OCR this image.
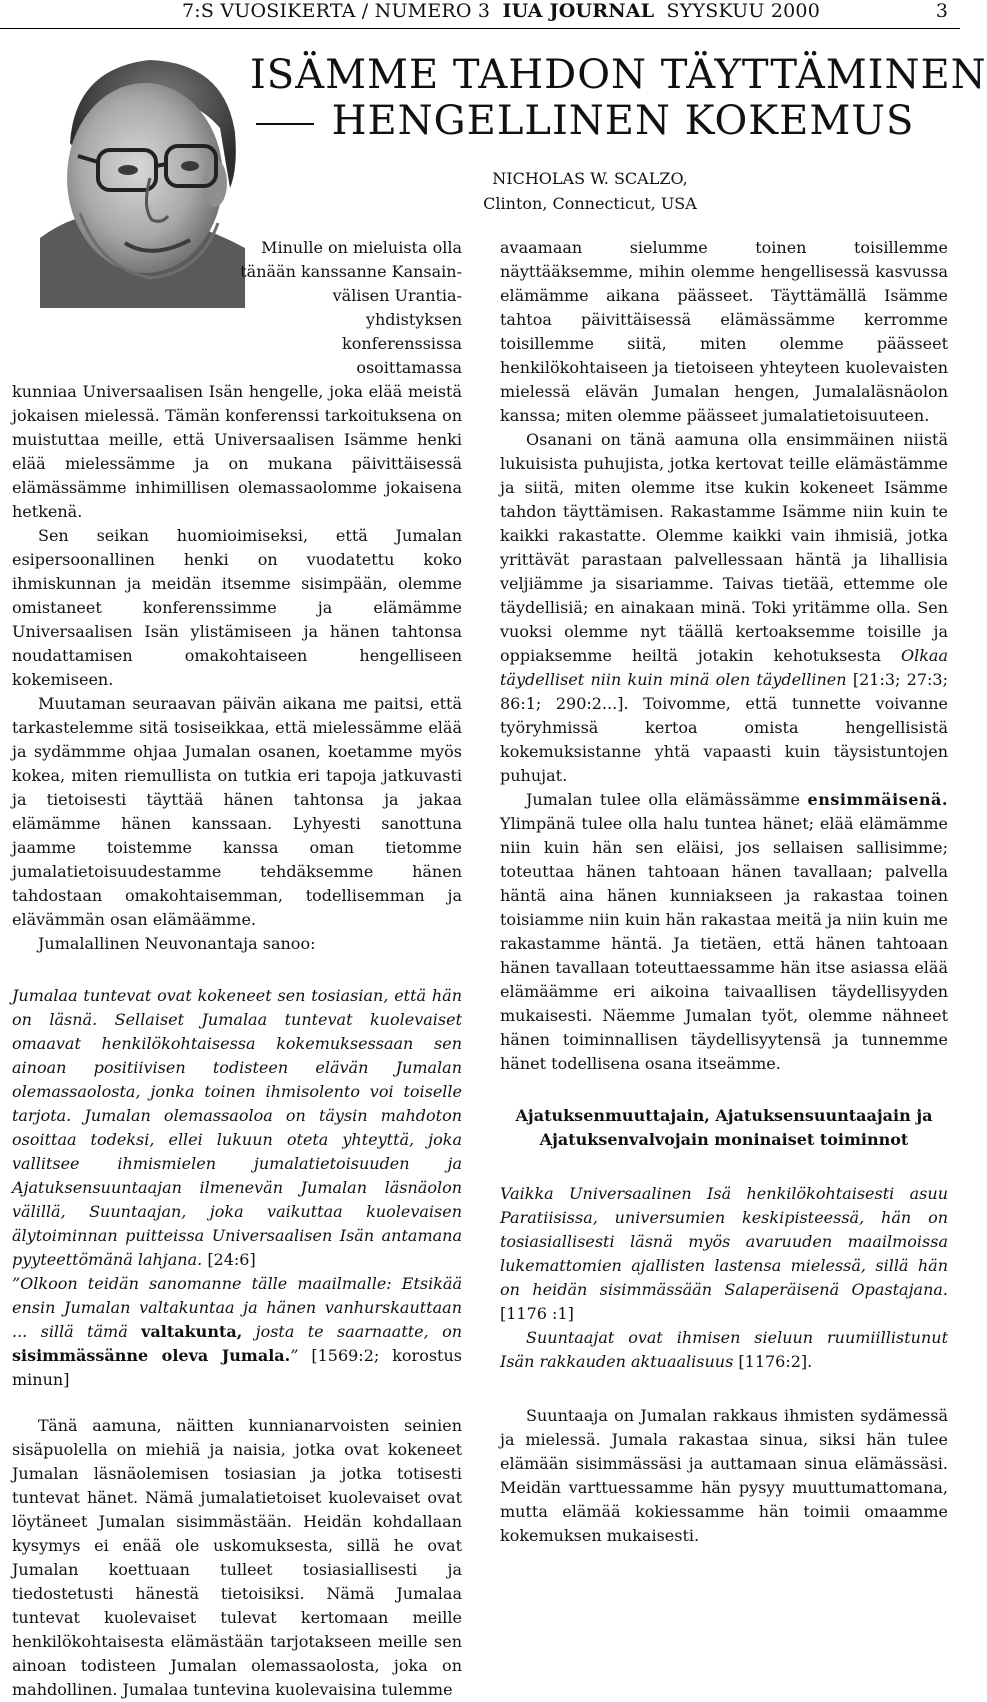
7:S VUOSIKERTA / NUMERO 3 IUA JOURNAL SYYSKUU 2000	3
ISÄMME TAHDON TÄYTTÄMINEN
HENGELLINEN KOKEMUS
NICHOLAS W. SCALZO,
Clinton, Connecticut, USA
Minulle on mieluista olla
tänään kanssanne Kansain-
välisen Urantia-yhdistyksen
konferenssissa osoittamassa

kunniaa Universaalisen Isän hengelle, joka elää meistä jokaisen mielessä. Tämän konferenssi tarkoituksena on muistuttaa meille, että Universaalisen Isämme henki elää mielessämme ja on mukana päivittäisessä elämässämme inhimillisen olemassaolomme jokaisena hetkenä.

Sen seikan huomioimiseksi, että Jumalan esipersoonallinen henki on vuodatettu koko ihmiskunnan ja meidän itsemme sisimpään, olemme omistaneet konferenssimme ja elämämme Universaalisen Isän ylistämiseen ja hänen tahtonsa noudattamisen omakohtaiseen hengelliseen kokemiseen.

Muutaman seuraavan päivän aikana me paitsi, että tarkastelemme sitä tosiseikkaa, että mielessämme elää ja sydämmme ohjaa Jumalan osanen, koetamme myös kokea, miten riemullista on tutkia eri tapoja jatkuvasti ja tietoisesti täyttää hänen tahtonsa ja jakaa elämämme hänen kanssaan. Lyhyesti sanottuna jaamme toistemme kanssa oman tietomme jumalatietoisuudestamme tehdäksemme hänen tahdostaan omakohtaisemman, todellisemman ja elävämmän osan elämäämme.

Jumalallinen Neuvonantaja sanoo:

Jumalaa tuntevat ovat kokeneet sen tosiasian, että hän on läsnä. Sellaiset Jumalaa tuntevat kuolevaiset omaavat henkilökohtaisessa kokemuksessaan sen ainoan positiivisen todisteen elävän Jumalan olemassaolosta, jonka toinen ihmisolento voi toiselle tarjota. Jumalan olemassaoloa on täysin mahdoton osoittaa todeksi, ellei lukuun oteta yhteyttä, joka vallitsee ihmismielen jumalatietoisuuden ja Ajatuksensuuntaajan ilmenevän Jumalan läsnäolon välillä, Suuntaajan, joka vaikuttaa kuolevaisen älytoiminnan puitteissa Universaalisen Isän antamana pyyteettömänä lahjana. [24:6]

”Olkoon teidän sanomanne tälle maailmalle: Etsikää ensin Jumalan valtakuntaa ja hänen vanhurskauttaan ... sillä tämä valtakunta, josta te saarnaatte, on sisimmässänne oleva Jumala.” [1569:2; korostus minun]

Tänä aamuna, näitten kunnianarvoisten seinien sisäpuolella on miehiä ja naisia, jotka ovat kokeneet Jumalan läsnäolemisen tosiasian ja jotka totisesti tuntevat hänet. Nämä jumalatietoiset kuolevaiset ovat löytäneet Jumalan sisimmästään. Heidän kohdallaan kysymys ei enää ole uskomuksesta, sillä he ovat Jumalan koettuaan tulleet tosiasiallisesti ja tiedostetusti hänestä tietoisiksi. Nämä Jumalaa tuntevat kuolevaiset tulevat kertomaan meille henkilökohtaisesta elämästään tarjotakseen meille sen ainoan todisteen Jumalan olemassaolosta, joka on mahdollinen. Jumalaa tuntevina kuolevaisina tulemme

avaamaan sielumme toinen toisillemme näyttääksemme, mihin olemme hengellisessä kasvussa elämämme aikana päässeet. Täyttämällä Isämme tahtoa päivittäisessä elämässämme kerromme toisillemme siitä, miten olemme päässeet henkilökohtaiseen ja tietoiseen yhteyteen kuolevaisten mielessä elävän Jumalan hengen, Jumalaläsnäolon kanssa; miten olemme päässeet jumalatietoisuuteen.

Osanani on tänä aamuna olla ensimmäinen niistä lukuisista puhujista, jotka kertovat teille elämästämme ja siitä, miten olemme itse kukin kokeneet Isämme tahdon täyttämisen. Rakastamme Isämme niin kuin te kaikki rakastatte. Olemme kaikki vain ihmisiä, jotka yrittävät parastaan palvellessaan häntä ja lihallisia veljiämme ja sisariamme. Taivas tietää, ettemme ole täydellisiä; en ainakaan minä. Toki yritämme olla. Sen vuoksi olemme nyt täällä kertoaksemme toisille ja oppiaksemme heiltä jotakin kehotuksesta Olkaa täydelliset niin kuin minä olen täydellinen [21:3; 27:3; 86:1; 290:2...]. Toivomme, että tunnette voivanne työryhmissä kertoa omista hengellisistä kokemuksistanne yhtä vapaasti kuin täysistuntojen puhujat.

Jumalan tulee olla elämässämme ensimmäisenä. Ylimpänä tulee olla halu tuntea hänet; elää elämämme niin kuin hän sen eläisi, jos sellaisen sallisimme; toteuttaa hänen tahtoaan hänen tavallaan; palvella häntä aina hänen kunniakseen ja rakastaa toinen toisiamme niin kuin hän rakastaa meitä ja niin kuin me rakastamme häntä. Ja tietäen, että hänen tahtoaan hänen tavallaan toteuttaessamme hän itse asiassa elää elämäämme eri aikoina taivaallisen täydellisyyden mukaisesti. Näemme Jumalan työt, olemme nähneet hänen toiminnallisen täydellisyytensä ja tunnemme hänet todellisena osana itseämme.

Ajatuksenmuuttajain, Ajatuksensuuntaajain ja
Ajatuksenvalvojain moninaiset toiminnot

Vaikka Universaalinen Isä henkilökohtaisesti asuu Paratiisissa, universumien keskipisteessä, hän on tosiasiallisesti läsnä myös avaruuden maailmoissa lukemattomien ajallisten lastensa mielessä, sillä hän on heidän sisimmässään Salaperäisenä Opastajana. [1176 :1]

Suuntaajat ovat ihmisen sieluun ruumiillistunut Isän rakkauden aktuaalisuus [1176:2].

Suuntaaja on Jumalan rakkaus ihmisten sydämessä ja mielessä. Jumala rakastaa sinua, siksi hän tulee elämään sisimmässäsi ja auttamaan sinua elämässäsi. Meidän varttuessamme hän pysyy muuttumattomana, mutta elämää kokiessamme hän toimii omaamme kokemuksen mukaisesti.
